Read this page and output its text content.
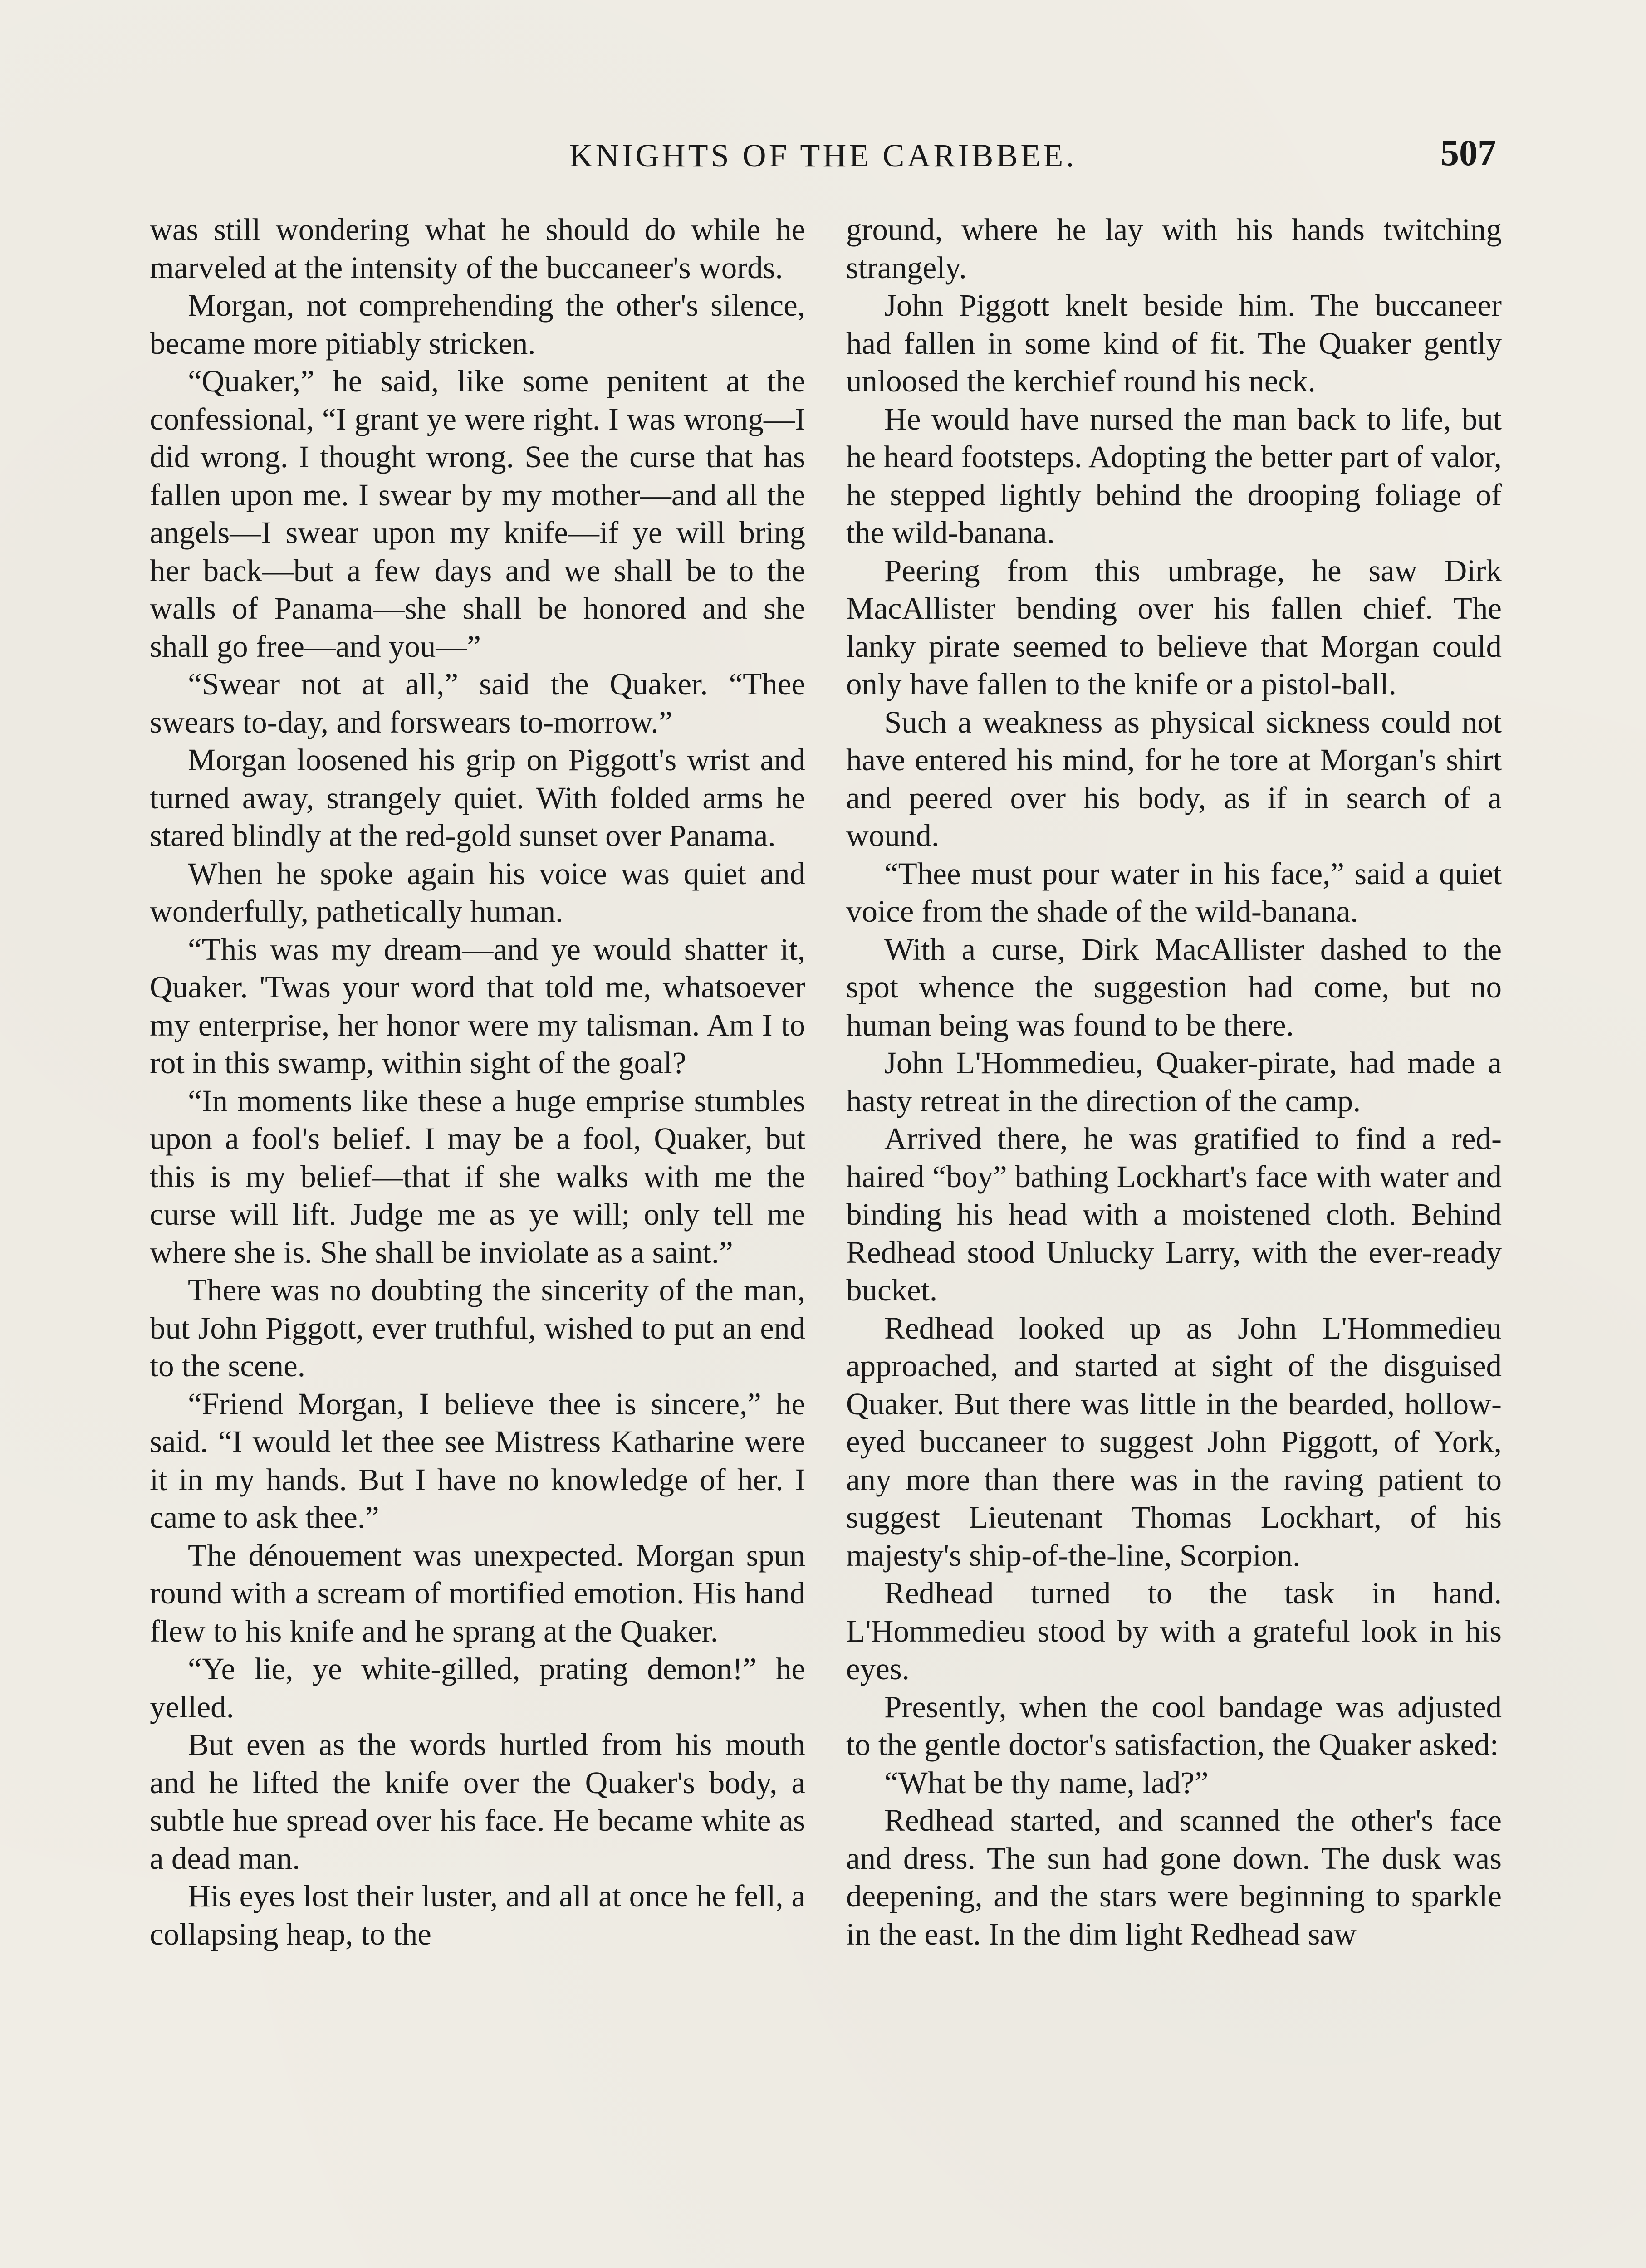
KNIGHTS OF THE CARIBBEE.	507

was still wondering what he should do while he marveled at the intensity of the buccaneer's words.

Morgan, not comprehending the other's silence, became more pitiably stricken.

“Quaker,” he said, like some penitent at the confessional, “I grant ye were right. I was wrong—I did wrong. I thought wrong. See the curse that has fallen upon me. I swear by my mother—and all the angels—I swear upon my knife—if ye will bring her back—but a few days and we shall be to the walls of Panama—she shall be honored and she shall go free—and you—”

“Swear not at all,” said the Quaker. “Thee swears to-day, and forswears to-morrow.”

Morgan loosened his grip on Piggott's wrist and turned away, strangely quiet. With folded arms he stared blindly at the red-gold sunset over Panama.

When he spoke again his voice was quiet and wonderfully, pathetically human.

“This was my dream—and ye would shatter it, Quaker. 'Twas your word that told me, whatsoever my enterprise, her honor were my talisman. Am I to rot in this swamp, within sight of the goal?

“In moments like these a huge emprise stumbles upon a fool's belief. I may be a fool, Quaker, but this is my belief—that if she walks with me the curse will lift. Judge me as ye will; only tell me where she is. She shall be inviolate as a saint.”

There was no doubting the sincerity of the man, but John Piggott, ever truthful, wished to put an end to the scene.

“Friend Morgan, I believe thee is sincere,” he said. “I would let thee see Mistress Katharine were it in my hands. But I have no knowledge of her. I came to ask thee.”

The dénouement was unexpected. Morgan spun round with a scream of mortified emotion. His hand flew to his knife and he sprang at the Quaker.

“Ye lie, ye white-gilled, prating demon!” he yelled.

But even as the words hurtled from his mouth and he lifted the knife over the Quaker's body, a subtle hue spread over his face. He became white as a dead man.

His eyes lost their luster, and all at once he fell, a collapsing heap, to the

ground, where he lay with his hands twitching strangely.

John Piggott knelt beside him. The buccaneer had fallen in some kind of fit. The Quaker gently unloosed the kerchief round his neck.

He would have nursed the man back to life, but he heard footsteps. Adopting the better part of valor, he stepped lightly behind the drooping foliage of the wild-banana.

Peering from this umbrage, he saw Dirk MacAllister bending over his fallen chief. The lanky pirate seemed to believe that Morgan could only have fallen to the knife or a pistol-ball.

Such a weakness as physical sickness could not have entered his mind, for he tore at Morgan's shirt and peered over his body, as if in search of a wound.

“Thee must pour water in his face,” said a quiet voice from the shade of the wild-banana.

With a curse, Dirk MacAllister dashed to the spot whence the suggestion had come, but no human being was found to be there.

John L'Hommedieu, Quaker-pirate, had made a hasty retreat in the direction of the camp.

Arrived there, he was gratified to find a red-haired “boy” bathing Lockhart's face with water and binding his head with a moistened cloth. Behind Redhead stood Unlucky Larry, with the ever-ready bucket.

Redhead looked up as John L'Hommedieu approached, and started at sight of the disguised Quaker. But there was little in the bearded, hollow-eyed buccaneer to suggest John Piggott, of York, any more than there was in the raving patient to suggest Lieutenant Thomas Lockhart, of his majesty's ship-of-the-line, Scorpion.

Redhead turned to the task in hand. L'Hommedieu stood by with a grateful look in his eyes.

Presently, when the cool bandage was adjusted to the gentle doctor's satisfaction, the Quaker asked:

“What be thy name, lad?”

Redhead started, and scanned the other's face and dress. The sun had gone down. The dusk was deepening, and the stars were beginning to sparkle in the east. In the dim light Redhead saw
